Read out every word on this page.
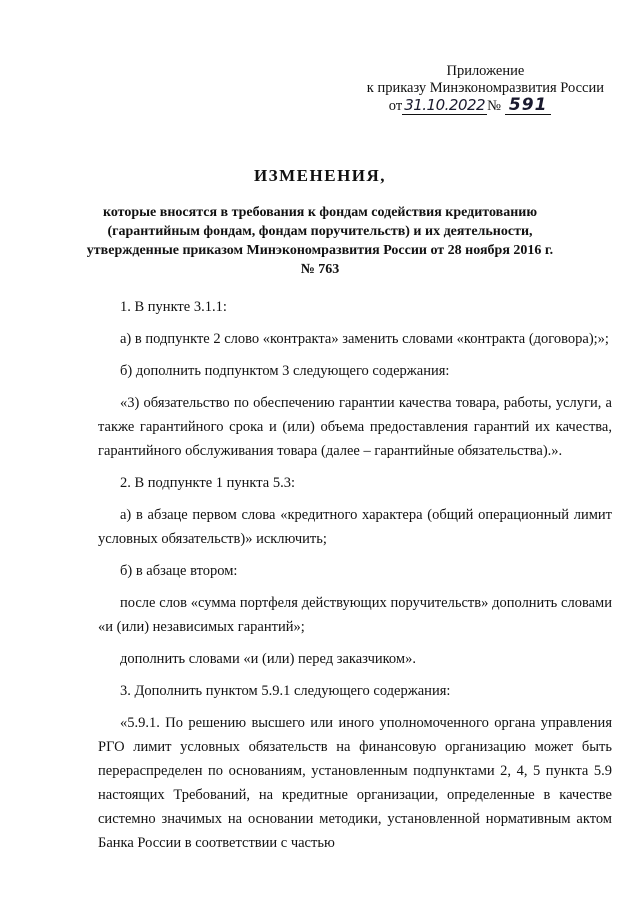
Приложение
к приказу Минэкономразвития России
от 31.10.2022 № 591
ИЗМЕНЕНИЯ,
которые вносятся в требования к фондам содействия кредитованию (гарантийным фондам, фондам поручительств) и их деятельности, утвержденные приказом Минэкономразвития России от 28 ноября 2016 г. № 763

1. В пункте 3.1.1:

а) в подпункте 2 слово «контракта» заменить словами «контракта (договора);»;

б) дополнить подпунктом 3 следующего содержания:

«3) обязательство по обеспечению гарантии качества товара, работы, услуги, а также гарантийного срока и (или) объема предоставления гарантий их качества, гарантийного обслуживания товара (далее – гарантийные обязательства).».

2. В подпункте 1 пункта 5.3:

а) в абзаце первом слова «кредитного характера (общий операционный лимит условных обязательств)» исключить;

б) в абзаце втором:

после слов «сумма портфеля действующих поручительств» дополнить словами «и (или) независимых гарантий»;

дополнить словами «и (или) перед заказчиком».

3. Дополнить пунктом 5.9.1 следующего содержания:

«5.9.1. По решению высшего или иного уполномоченного органа управления РГО лимит условных обязательств на финансовую организацию может быть перераспределен по основаниям, установленным подпунктами 2, 4, 5 пункта 5.9 настоящих Требований, на кредитные организации, определенные в качестве системно значимых на основании методики, установленной нормативным актом Банка России в соответствии с частью
